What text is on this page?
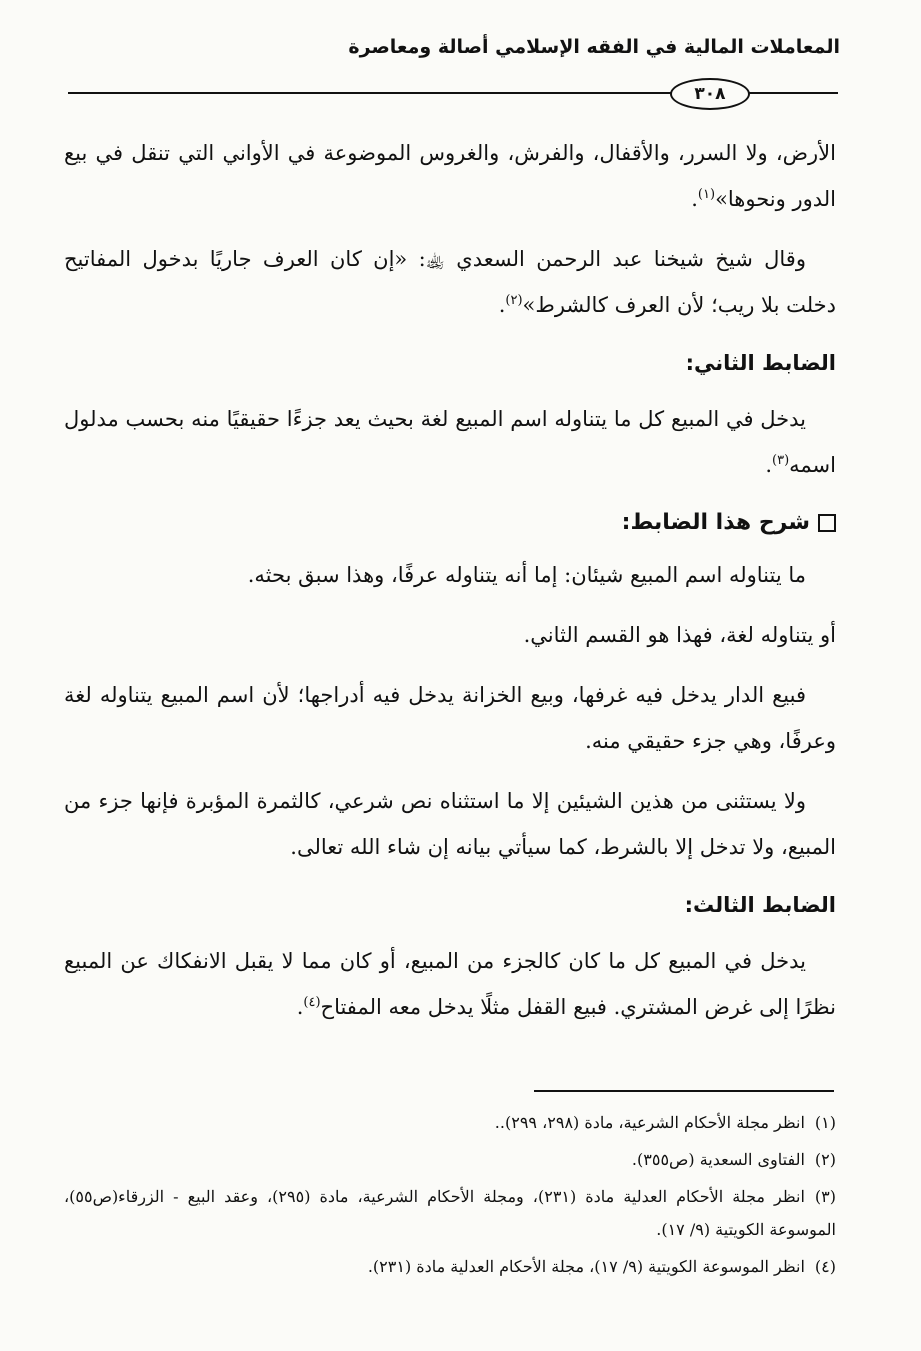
المعاملات المالية في الفقه الإسلامي أصالة ومعاصرة
٣٠٨

الأرض، ولا السرر، والأقفال، والفرش، والغروس الموضوعة في الأواني التي تنقل في بيع الدور ونحوها»$^{(١)}$.

وقال شيخ شيخنا عبد الرحمن السعدي ﵀: «إن كان العرف جاريًا بدخول المفاتيح دخلت بلا ريب؛ لأن العرف كالشرط»$^{(٢)}$.

الضابط الثاني:

يدخل في المبيع كل ما يتناوله اسم المبيع لغة بحيث يعد جزءًا حقيقيًا منه بحسب مدلول اسمه$^{(٣)}$.

شرح هذا الضابط:

ما يتناوله اسم المبيع شيئان: إما أنه يتناوله عرفًا، وهذا سبق بحثه.

أو يتناوله لغة، فهذا هو القسم الثاني.

فبيع الدار يدخل فيه غرفها، وبيع الخزانة يدخل فيه أدراجها؛ لأن اسم المبيع يتناوله لغة وعرفًا، وهي جزء حقيقي منه.

ولا يستثنى من هذين الشيئين إلا ما استثناه نص شرعي، كالثمرة المؤبرة فإنها جزء من المبيع، ولا تدخل إلا بالشرط، كما سيأتي بيانه إن شاء الله تعالى.

الضابط الثالث:

يدخل في المبيع كل ما كان كالجزء من المبيع، أو كان مما لا يقبل الانفكاك عن المبيع نظرًا إلى غرض المشتري. فبيع القفل مثلًا يدخل معه المفتاح$^{(٤)}$.

(١)انظر مجلة الأحكام الشرعية، مادة (٢٩٨، ٢٩٩)..

(٢)الفتاوى السعدية (ص٣٥٥).

(٣)انظر مجلة الأحكام العدلية مادة (٢٣١)، ومجلة الأحكام الشرعية، مادة (٢٩٥)، وعقد البيع - الزرقاء(ص٥٥)، الموسوعة الكويتية (٩/ ١٧).

(٤)انظر الموسوعة الكويتية (٩/ ١٧)، مجلة الأحكام العدلية مادة (٢٣١).
